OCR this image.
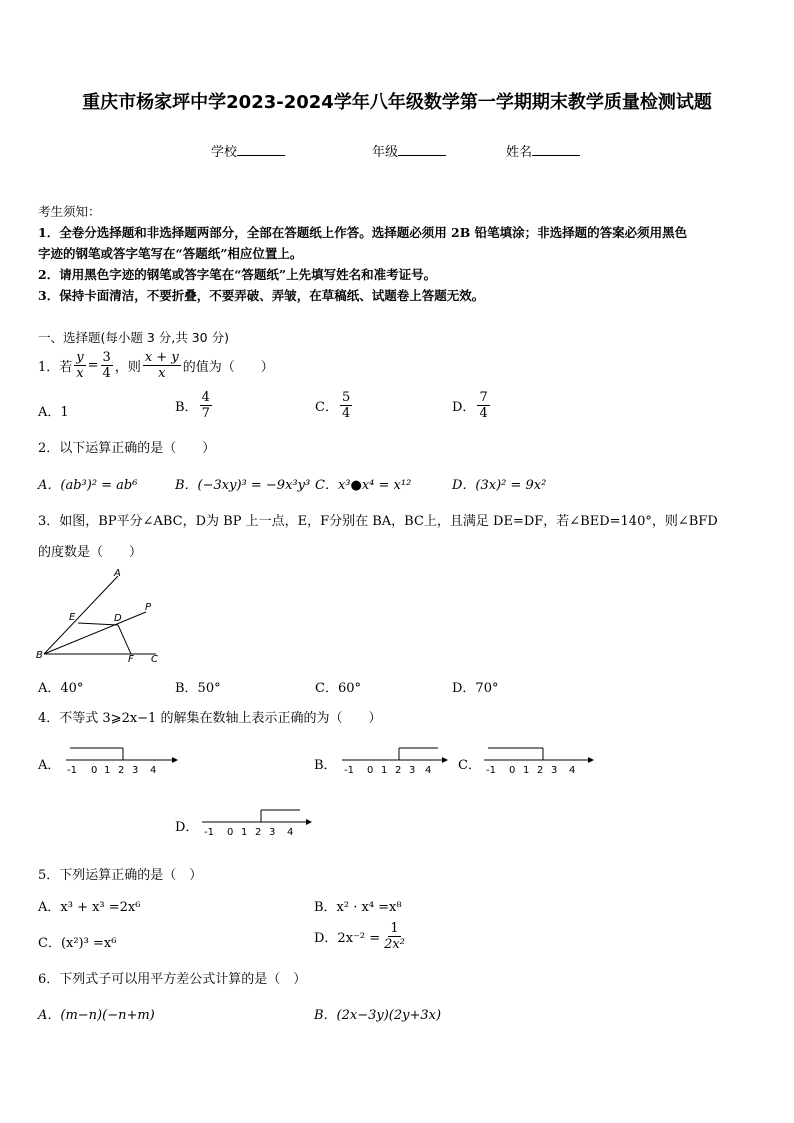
重庆市杨家坪中学2023-2024学年八年级数学第一学期期末教学质量检测试题
学校	年级	姓名
考生须知：
1．全卷分选择题和非选择题两部分，全部在答题纸上作答。选择题必须用 2B 铅笔填涂；非选择题的答案必须用黑色
字迹的钢笔或答字笔写在“答题纸”相应位置上。
2．请用黑色字迹的钢笔或答字笔在“答题纸”上先填写姓名和准考证号。
3．保持卡面清洁，不要折叠，不要弄破、弄皱，在草稿纸、试题卷上答题无效。
一、选择题(每小题 3 分,共 30 分)
1．若 $\frac{y}{x} = \frac{3}{4}$ ，则 $\frac{x + y}{x}$ 的值为（　　）
A．1	B． $\frac{4}{7}$	C． $\frac{5}{4}$	D． $\frac{7}{4}$
2．以下运算正确的是（　　）
A．(ab³)² = ab⁶	B．(−3xy)³ = −9x³y³ C．x³●x⁴ = x¹²	D．(3x)² = 9x²
3．如图，BP平分∠ABC，D为 BP 上一点，E，F分别在 BA，BC上，且满足 DE=DF，若∠BED=140°，则∠BFD
的度数是（　　）
A
B	C
D
E
F
P
A．40°	B．50°	C．60°	D．70°
4．不等式 3⩾2x−1 的解集在数轴上表示正确的为（　　）
A． -1 0 1 2 3 4	B． -1 0 1 2 3 4 C． -1 0 1 2 3 4
D． -1 0 1 2 3 4
5．下列运算正确的是（　）
A．x³ + x³ =2x⁶	B．x² · x⁴ =x⁸
C．(x²)³ =x⁶	D．$2x^{-2} = \frac{1}{\text{2x²}}$
6．下列式子可以用平方差公式计算的是（　）
A．(m−n)(−n+m)	B．(2x−3y)(2y+3x)
